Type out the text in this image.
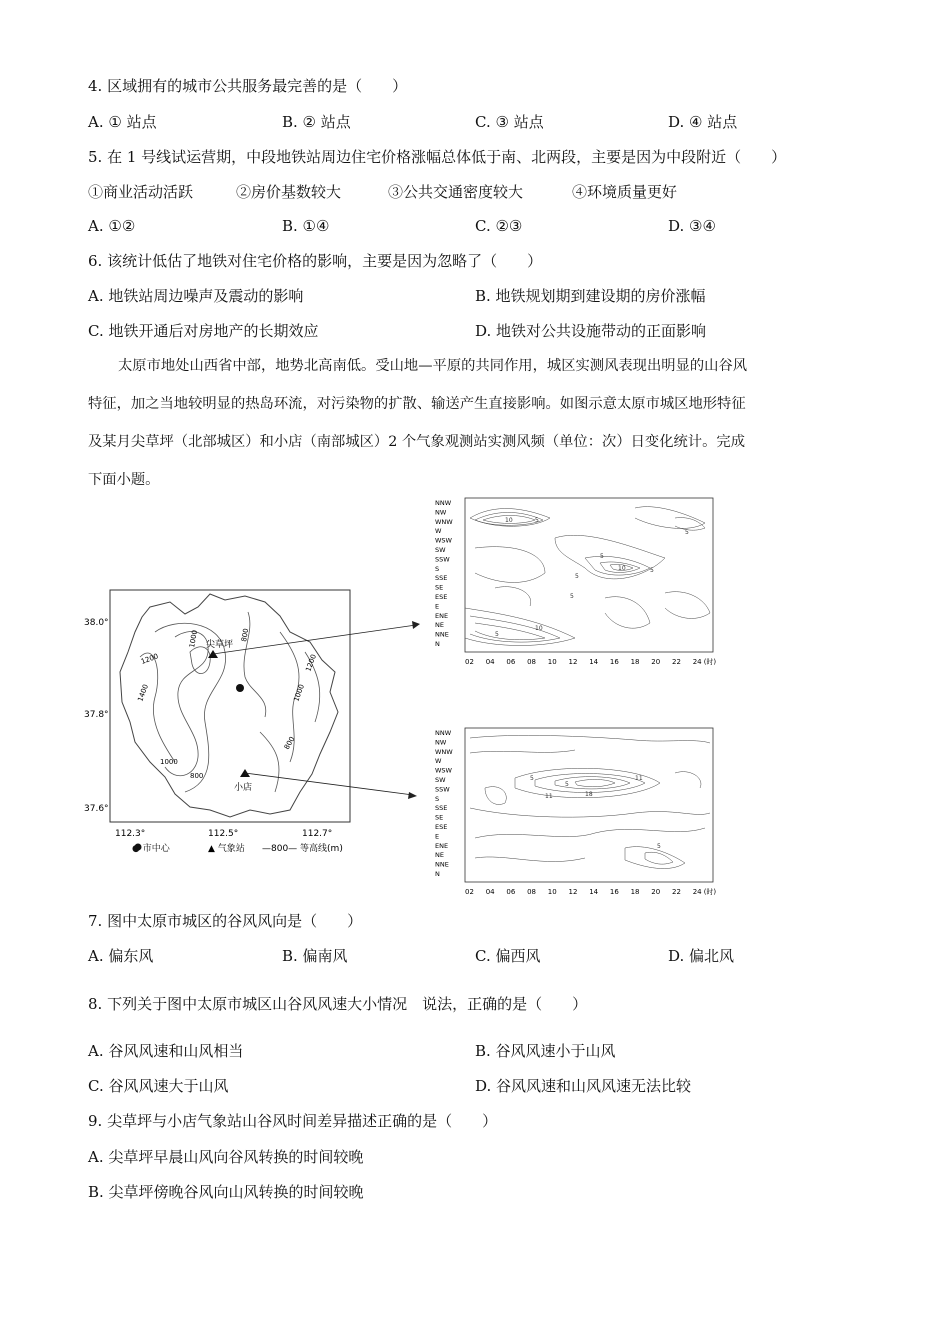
4. 区域拥有的城市公共服务最完善的是（　　）
A. ① 站点	B. ② 站点	C. ③ 站点	D. ④ 站点
5. 在 1 号线试运营期，中段地铁站周边住宅价格涨幅总体低于南、北两段，主要是因为中段附近（　　）
①商业活动活跃	②房价基数较大	③公共交通密度较大	④环境质量更好
A. ①②	B. ①④	C. ②③	D. ③④
6. 该统计低估了地铁对住宅价格的影响，主要是因为忽略了（　　）
A. 地铁站周边噪声及震动的影响	B. 地铁规划期到建设期的房价涨幅
C. 地铁开通后对房地产的长期效应	D. 地铁对公共设施带动的正面影响
太原市地处山西省中部，地势北高南低。受山地—平原的共同作用，城区实测风表现出明显的山谷风
特征，加之当地较明显的热岛环流，对污染物的扩散、输送产生直接影响。如图示意太原市城区地形特征
及某月尖草坪（北部城区）和小店（南部城区）2 个气象观测站实测风频（单位：次）日变化统计。完成
下面小题。
38.0°
37.8°
37.6°
112.3°	112.5°	112.7°
1000	800
1200
1400
1200
1000
800
1000
800
尖草坪
小店
● 市中心	▲ 气象站 —800— 等高线(m)
NNW
NW
WNW
W
WSW
SW
SSW
S
SSE
SE
ESE
E
ENE
NE
NNE
N
02 04 06 08 10 12 14 16 18 20 22 24 (时)
10	5
5
10
5
5
5
5
5
10
NNW
NW
WNW
W
WSW
SW
SSW
S
SSE
SE
ESE
E
ENE
NE
NNE
N
02 04 06 08 10 12 14 16 18 20 22 24 (时)
5
11
5
18
11
5
7. 图中太原市城区的谷风风向是（　　）
A. 偏东风	B. 偏南风	C. 偏西风	D. 偏北风
8. 下列关于图中太原市城区山谷风风速大小情况　说法，正确的是（　　）
A. 谷风风速和山风相当	B. 谷风风速小于山风
C. 谷风风速大于山风	D. 谷风风速和山风风速无法比较
9. 尖草坪与小店气象站山谷风时间差异描述正确的是（　　）
A. 尖草坪早晨山风向谷风转换的时间较晚
B. 尖草坪傍晚谷风向山风转换的时间较晚
